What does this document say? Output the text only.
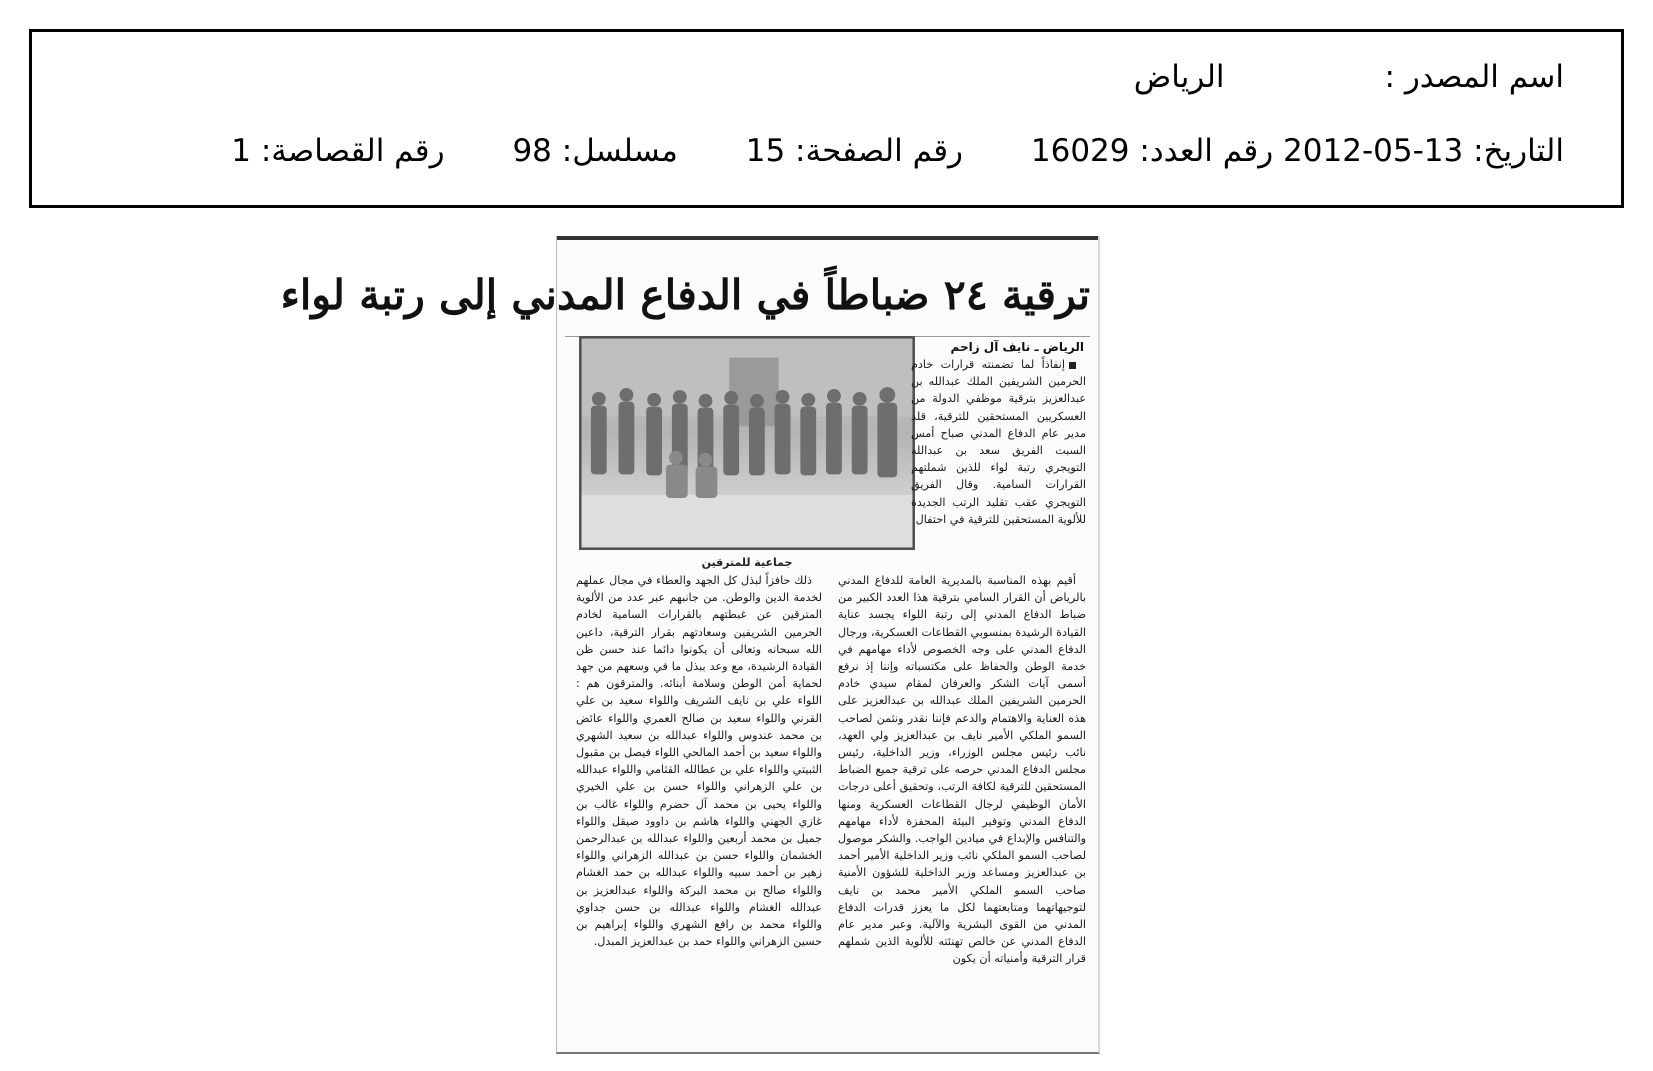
اسم المصدر :الرياض
التاريخ: 2012-05-13 رقم العدد: 16029 رقم الصفحة: 15 مسلسل: 98 رقم القصاصة: 1
ترقية ٢٤ ضباطاً في الدفاع المدني إلى رتبة لواء
جماعية للمترقين
الرياض ـ نايف آل زاحم

إنفاذاً لما تضمنته قرارات خادم الحرمين الشريفين الملك عبدالله بن عبدالعزيز بترقية موظفي الدولة من العسكريين المستحقين للترقية، قلد مدير عام الدفاع المدني صباح أمس السبت الفريق سعد بن عبدالله التويجري رتبة لواء للذين شملتهم القرارات السامية. وقال الفريق التويجري عقب تقليد الرتب الجديدة للألوية المستحقين للترقية في احتفال

أقيم بهذه المناسبة بالمديرية العامة للدفاع المدني بالرياض أن القرار السامي بترقية هذا العدد الكبير من ضباط الدفاع المدني إلى رتبة اللواء يجسد عناية القيادة الرشيدة بمنسوبي القطاعات العسكرية، ورجال الدفاع المدني على وجه الخصوص لأداء مهامهم في خدمة الوطن والحفاظ على مكتسباته وإننا إذ نرفع أسمى آيات الشكر والعرفان لمقام سيدي خادم الحرمين الشريفين الملك عبدالله بن عبدالعزيز على هذه العناية والاهتمام والدعم فإننا نقدر ونثمن لصاحب السمو الملكي الأمير نايف بن عبدالعزيز ولي العهد، نائب رئيس مجلس الوزراء، وزير الداخلية، رئيس مجلس الدفاع المدني حرصه على ترقية جميع الضباط المستحقين للترقية لكافة الرتب، وتحقيق أعلى درجات الأمان الوظيفي لرجال القطاعات العسكرية ومنها الدفاع المدني وتوفير البيئة المحفزة لأداء مهامهم والتنافس والإبداع في ميادين الواجب. والشكر موصول لصاحب السمو الملكي نائب وزير الداخلية الأمير أحمد بن عبدالعزيز ومساعد وزير الداخلية للشؤون الأمنية صاحب السمو الملكي الأمير محمد بن نايف لتوجيهاتهما ومتابعتهما لكل ما يعزز قدرات الدفاع المدني من القوى البشرية والآلية. وعبر مدير عام الدفاع المدني عن خالص تهنئته للألوية الذين شملهم قرار الترقية وأمنياته أن يكون

ذلك حافزاً لبذل كل الجهد والعطاء في مجال عملهم لخدمة الدين والوطن. من جانبهم عبر عدد من الألوية المترقين عن غبطتهم بالقرارات السامية لخادم الحرمين الشريفين وسعادتهم بقرار الترقية، داعين الله سبحانه وتعالى أن يكونوا دائما عند حسن ظن القيادة الرشيدة، مع وعد ببذل ما في وسعهم من جهد لحماية أمن الوطن وسلامة أبنائه. والمترقون هم : اللواء علي بن نايف الشريف واللواء سعيد بن علي القرني واللواء سعيد بن صالح العمري واللواء عائض بن محمد عندوس واللواء عبدالله بن سعيد الشهري واللواء سعيد بن أحمد المالحي اللواء فيصل بن مقبول الثبيتي واللواء علي بن عطالله القثامي واللواء عبدالله بن علي الزهراني واللواء حسن بن علي الخيري واللواء يحيى بن محمد آل حضرم واللواء غالب بن غازي الجهني واللواء هاشم بن داوود صيقل واللواء جميل بن محمد أربعين واللواء عبدالله بن عبدالرحمن الخشمان واللواء حسن بن عبدالله الزهراني واللواء زهير بن أحمد سبيه واللواء عبدالله بن حمد الغشام واللواء صالح بن محمد البركة واللواء عبدالعزيز بن عبدالله الغشام واللواء عبدالله بن حسن جداوي واللواء محمد بن رافع الشهري واللواء إبراهيم بن حسين الزهراني واللواء حمد بن عبدالعزيز المبدل.
